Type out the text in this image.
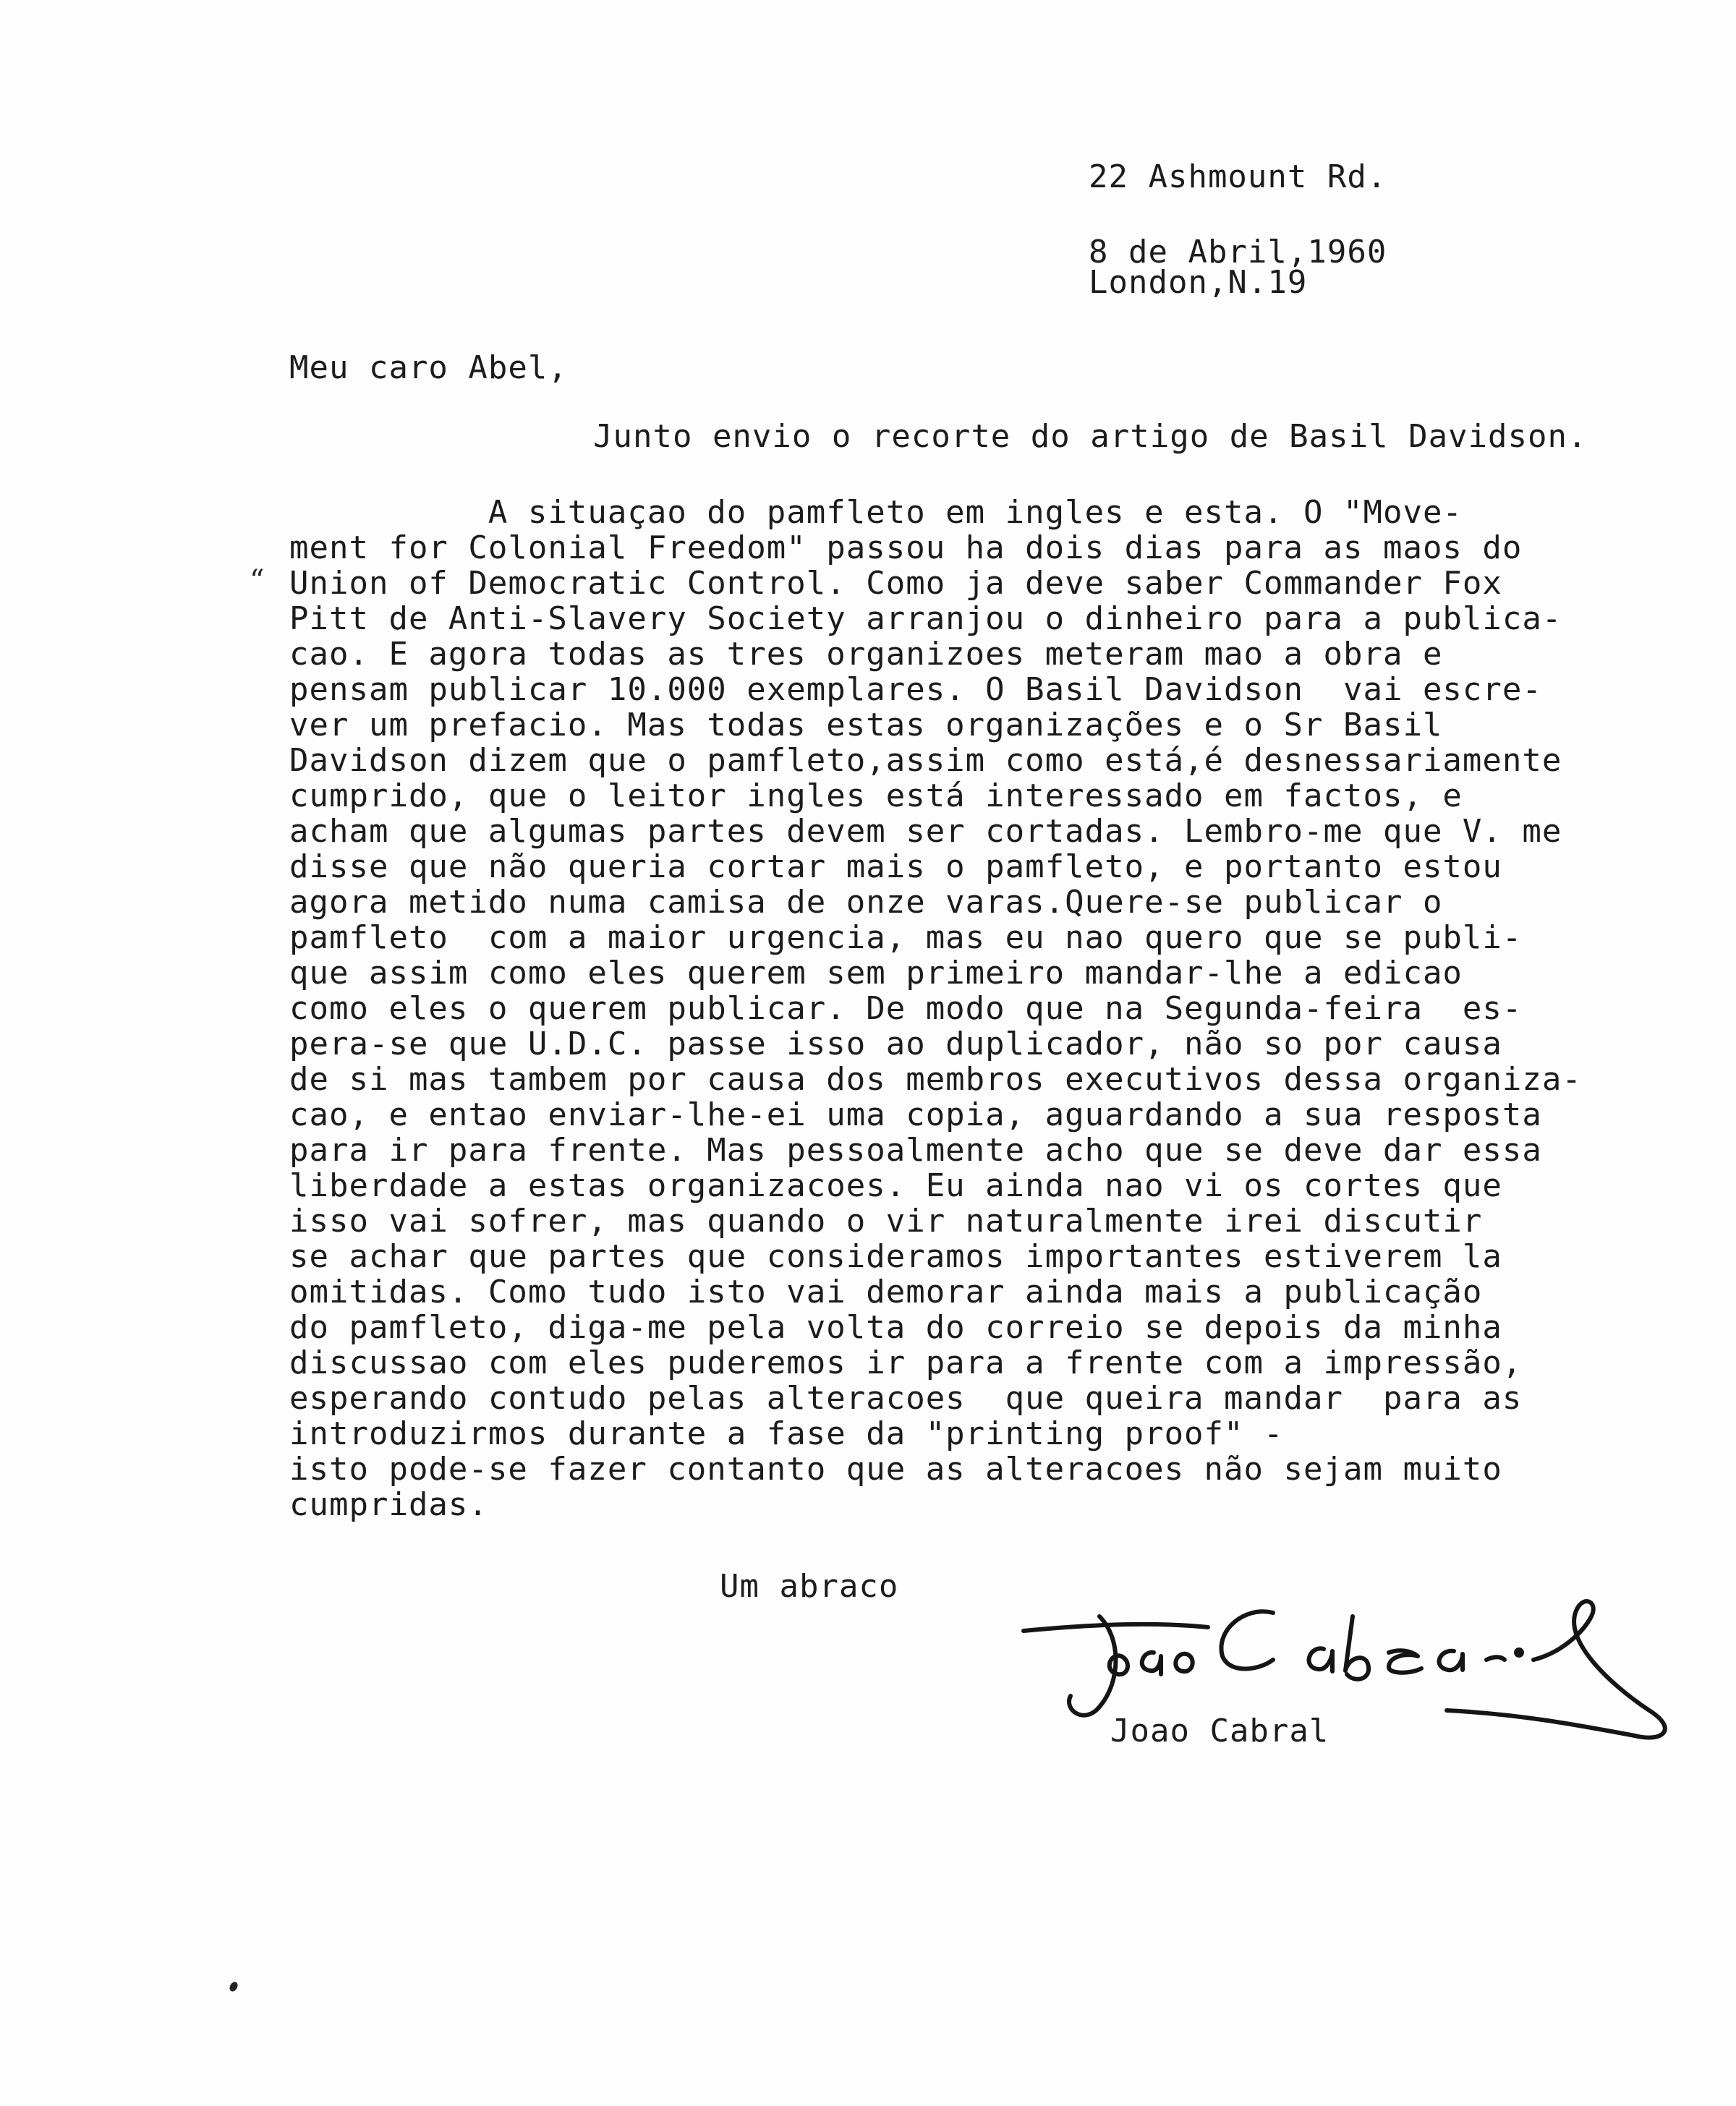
22 Ashmount Rd.

London,N.19

8 de Abril,1960
Meu caro Abel,
Junto envio o recorte do artigo de Basil Davidson.
“
A situaçao do pamfleto em ingles e esta. O "Move-
ment for Colonial Freedom" passou ha dois dias para as maos do
Union of Democratic Control. Como ja deve saber Commander Fox
Pitt de Anti-Slavery Society arranjou o dinheiro para a publica-
cao. E agora todas as tres organizoes meteram mao a obra e
pensam publicar 10.000 exemplares. O Basil Davidson  vai escre-
ver um prefacio. Mas todas estas organizações e o Sr Basil
Davidson dizem que o pamfleto,assim como está,é desnessariamente
cumprido, que o leitor ingles está interessado em factos, e
acham que algumas partes devem ser cortadas. Lembro-me que V. me
disse que não queria cortar mais o pamfleto, e portanto estou
agora metido numa camisa de onze varas.Quere-se publicar o
pamfleto  com a maior urgencia, mas eu nao quero que se publi-
que assim como eles querem sem primeiro mandar-lhe a edicao
como eles o querem publicar. De modo que na Segunda-feira  es-
pera-se que U.D.C. passe isso ao duplicador, não so por causa
de si mas tambem por causa dos membros executivos dessa organiza-
cao, e entao enviar-lhe-ei uma copia, aguardando a sua resposta
para ir para frente. Mas pessoalmente acho que se deve dar essa
liberdade a estas organizacoes. Eu ainda nao vi os cortes que
isso vai sofrer, mas quando o vir naturalmente irei discutir
se achar que partes que consideramos importantes estiverem la
omitidas. Como tudo isto vai demorar ainda mais a publicação
do pamfleto, diga-me pela volta do correio se depois da minha
discussao com eles puderemos ir para a frente com a impressão,
esperando contudo pelas alteracoes  que queira mandar  para as
introduzirmos durante a fase da "printing proof" -
isto pode-se fazer contanto que as alteracoes não sejam muito
cumpridas.
Um abraco
Joao Cabral
